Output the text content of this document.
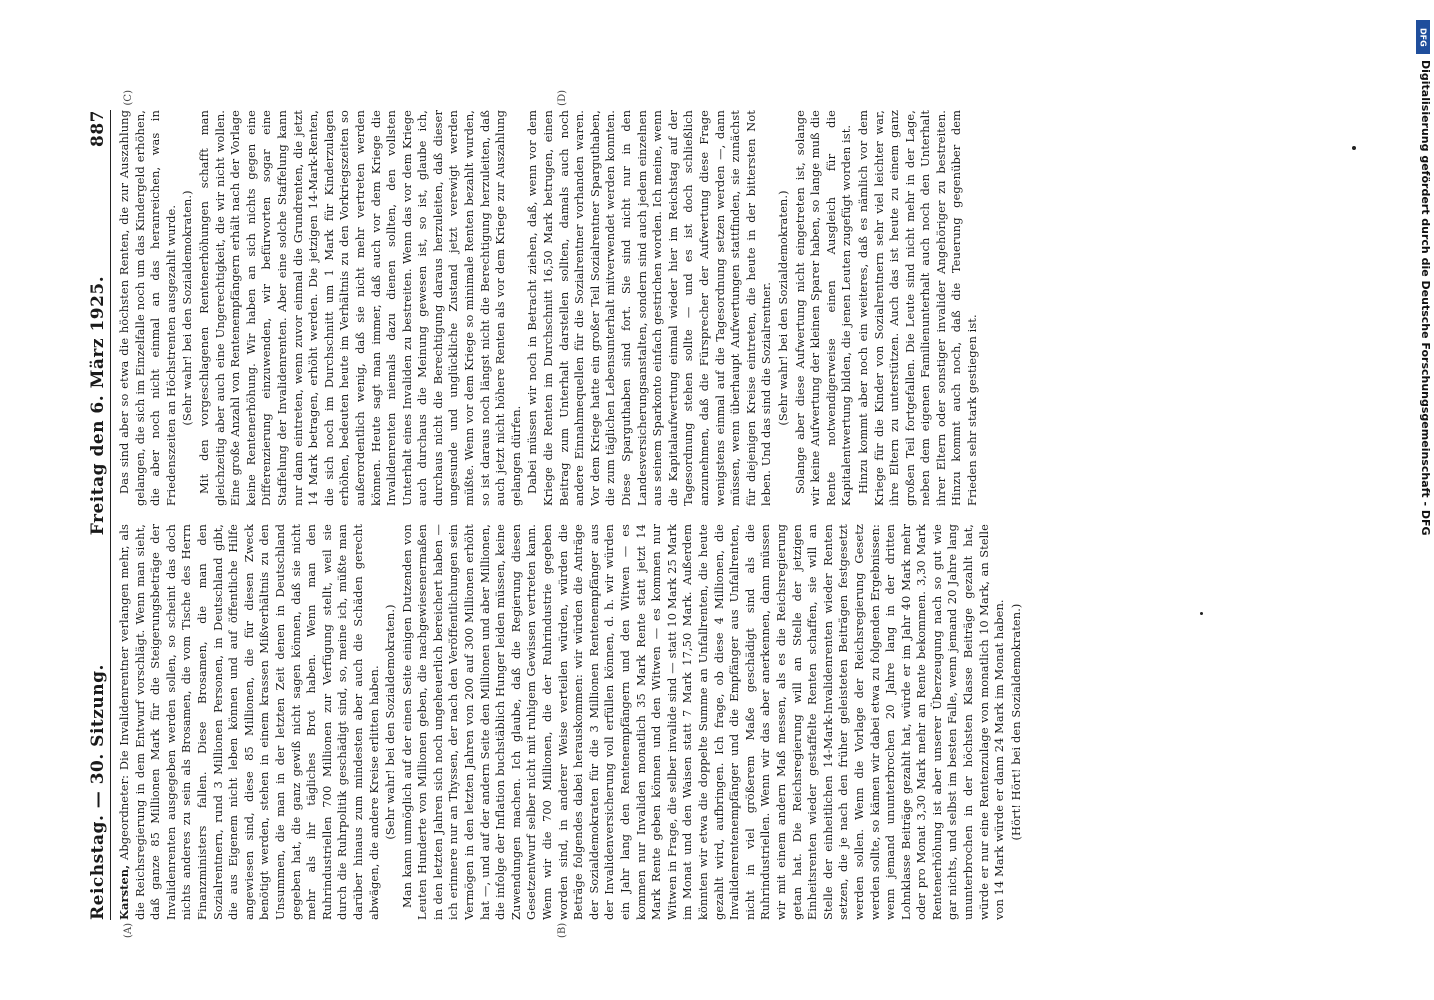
Reichstag. — 30. Sitzung.
Freitag den 6. März 1925.
887
(A)	(B)

Karsten, Abgeordneter: Die Invalidenrentner verlangen mehr, als die Reichsregierung in dem Entwurf vorschlägt. Wenn man sieht, daß ganze 85 Millionen Mark für die Steigerungsbeträge der Invalidenrenten ausgegeben werden sollen, so scheint das doch nichts anderes zu sein als Brosamen, die vom Tische des Herrn Finanzministers fallen. Diese Brosamen, die man den Sozialrentnern, rund 3 Millionen Personen, in Deutschland gibt, die aus Eigenem nicht leben können und auf öffentliche Hilfe angewiesen sind, diese 85 Millionen, die für diesen Zweck benötigt werden, stehen in einem krassen Mißverhältnis zu den Unsummen, die man in der letzten Zeit denen in Deutschland gegeben hat, die ganz gewiß nicht sagen können, daß sie nicht mehr als ihr tägliches Brot haben. Wenn man den Ruhrindustriellen 700 Millionen zur Verfügung stellt, weil sie durch die Ruhrpolitik geschädigt sind, so, meine ich, müßte man darüber hinaus zum mindesten aber auch die Schäden gerecht abwägen, die andere Kreise erlitten haben. (Sehr wahr! bei den Sozialdemokraten.) Man kann unmöglich auf der einen Seite einigen Dutzenden von Leuten Hunderte von Millionen geben, die nachgewiesenermaßen in den letzten Jahren sich noch ungeheuerlich bereichert haben — ich erinnere nur an Thyssen, der nach den Veröffentlichungen sein Vermögen in den letzten Jahren von 200 auf 300 Millionen erhöht hat —, und auf der andern Seite den Millionen und aber Millionen, die infolge der Inflation buchstäblich Hunger leiden müssen, keine Zuwendungen machen. Ich glaube, daß die Regierung diesen Gesetzentwurf selber nicht mit ruhigem Gewissen vertreten kann. Wenn wir die 700 Millionen, die der Ruhrindustrie gegeben worden sind, in anderer Weise verteilen würden, würden die Beträge folgendes dabei herauskommen: wir würden die Anträge der Sozialdemokraten für die 3 Millionen Rentenempfänger aus der Invalidenversicherung voll erfüllen können, d. h. wir würden ein Jahr lang den Rentenempfängern und den Witwen — es kommen nur Invaliden monatlich 35 Mark Rente statt jetzt 14 Mark Rente geben können und den Witwen — es kommen nur Witwen in Frage, die selber invalide sind — statt 10 Mark 25 Mark im Monat und den Waisen statt 7 Mark 17,50 Mark. Außerdem könnten wir etwa die doppelte Summe an Unfallrenten, die heute gezahlt wird, aufbringen. Ich frage, ob diese 4 Millionen, die Invalidenrentenempfänger und die Empfänger aus Unfallrenten, nicht in viel größerem Maße geschädigt sind als die Ruhrindustriellen. Wenn wir das aber anerkennen, dann müssen wir mit einem andern Maß messen, als es die Reichsregierung getan hat. Die Reichsregierung will an Stelle der jetzigen Einheitsrenten wieder gestaffelte Renten schaffen, sie will an Stelle der einheitlichen 14-Mark-Invalidenrenten wieder Renten setzen, die je nach den früher geleisteten Beiträgen festgesetzt werden sollen. Wenn die Vorlage der Reichsregierung Gesetz werden sollte, so kämen wir dabei etwa zu folgenden Ergebnissen: wenn jemand ununterbrochen 20 Jahre lang in der dritten Lohnklasse Beiträge gezahlt hat, würde er im Jahr 40 Mark mehr oder pro Monat 3,30 Mark mehr an Rente bekommen. 3,30 Mark Rentenerhöhung ist aber unserer Überzeugung nach so gut wie gar nichts, und selbst im besten Falle, wenn jemand 20 Jahre lang ununterbrochen in der höchsten Klasse Beiträge gezahlt hat, würde er nur eine Rentenzulage von monatlich 10 Mark, an Stelle von 14 Mark würde er dann 24 Mark im Monat haben. (Hört! Hört! bei den Sozialdemokraten.)

(C)	(D)

Das sind aber so etwa die höchsten Renten, die zur Auszahlung gelangen, die sich im Einzelfalle noch um das Kindergeld erhöhen, die aber noch nicht einmal an das heranreichen, was in Friedenszeiten an Höchstrenten ausgezahlt wurde. (Sehr wahr! bei den Sozialdemokraten.) Mit den vorgeschlagenen Rentenerhöhungen schafft man gleichzeitig aber auch eine Ungerechtigkeit, die wir nicht wollen. Eine große Anzahl von Rentenempfängern erhält nach der Vorlage keine Rentenerhöhung. Wir haben an sich nichts gegen eine Differenzierung einzuwenden, wir befürworten sogar eine Staffelung der Invalidenrenten. Aber eine solche Staffelung kann nur dann eintreten, wenn zuvor einmal die Grundrenten, die jetzt 14 Mark betragen, erhöht werden. Die jetzigen 14-Mark-Renten, die sich noch im Durchschnitt um 1 Mark für Kinderzulagen erhöhen, bedeuten heute im Verhältnis zu den Vorkriegszeiten so außerordentlich wenig, daß sie nicht mehr vertreten werden können. Heute sagt man immer, daß auch vor dem Kriege die Invalidenrenten niemals dazu dienen sollten, den vollsten Unterhalt eines Invaliden zu bestreiten. Wenn das vor dem Kriege auch durchaus die Meinung gewesen ist, so ist, glaube ich, durchaus nicht die Berechtigung daraus herzuleiten, daß dieser ungesunde und unglückliche Zustand jetzt verewigt werden müßte. Wenn vor dem Kriege so minimale Renten bezahlt wurden, so ist daraus noch längst nicht die Berechtigung herzuleiten, daß auch jetzt nicht höhere Renten als vor dem Kriege zur Auszahlung gelangen dürfen. Dabei müssen wir noch in Betracht ziehen, daß, wenn vor dem Kriege die Renten im Durchschnitt 16,50 Mark betrugen, einen Beitrag zum Unterhalt darstellen sollten, damals auch noch andere Einnahmequellen für die Sozialrentner vorhanden waren. Vor dem Kriege hatte ein großer Teil Sozialrentner Sparguthaben, die zum täglichen Lebensunterhalt mitverwendet werden konnten. Diese Sparguthaben sind fort. Sie sind nicht nur in den Landesversicherungsanstalten, sondern sind auch jedem einzelnen aus seinem Sparkonto einfach gestrichen worden. Ich meine, wenn die Kapitalaufwertung einmal wieder hier im Reichstag auf der Tagesordnung stehen sollte — und es ist doch schließlich anzunehmen, daß die Fürsprecher der Aufwertung diese Frage wenigstens einmal auf die Tagesordnung setzen werden —, dann müssen, wenn überhaupt Aufwertungen stattfinden, sie zunächst für diejenigen Kreise eintreten, die heute in der bittersten Not leben. Und das sind die Sozialrentner. (Sehr wahr! bei den Sozialdemokraten.) Solange aber diese Aufwertung nicht eingetreten ist, solange wir keine Aufwertung der kleinen Sparer haben, so lange muß die Rente notwendigerweise einen Ausgleich für die Kapitalentwertung bilden, die jenen Leuten zugefügt worden ist. Hinzu kommt aber noch ein weiteres, daß es nämlich vor dem Kriege für die Kinder von Sozialrentnern sehr viel leichter war, ihre Eltern zu unterstützen. Auch das ist heute zu einem ganz großen Teil fortgefallen. Die Leute sind nicht mehr in der Lage, neben dem eigenen Familienunterhalt auch noch den Unterhalt ihrer Eltern oder sonstiger invalider Angehöriger zu bestreiten. Hinzu kommt auch noch, daß die Teuerung gegenüber dem Frieden sehr stark gestiegen ist.

DFG
Digitalisierung gefördert durch die Deutsche Forschungsgemeinschaft - DFG
